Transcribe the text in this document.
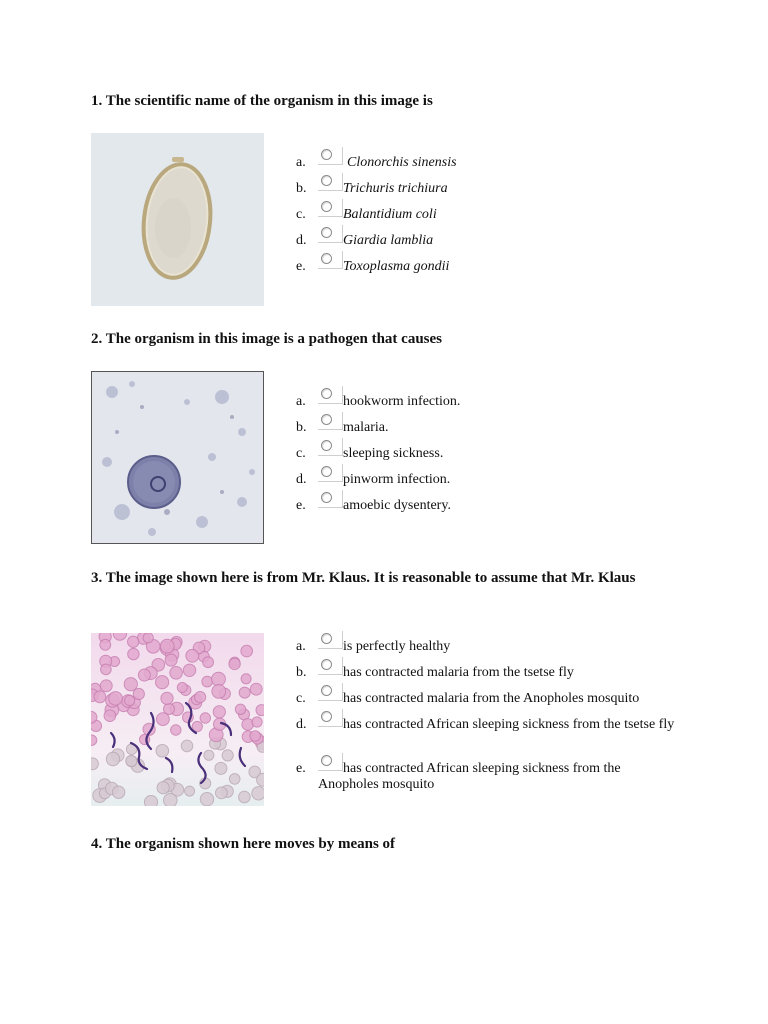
1. The scientific name of the organism in this image is
a.	Clonorchis sinensis
b.	Trichuris trichiura
c.	Balantidium coli
d.	Giardia lamblia
e.	Toxoplasma gondii
2. The organism in this image is a pathogen that causes
a.	hookworm infection.
b.	malaria.
c.	sleeping sickness.
d.	pinworm infection.
e.	amoebic dysentery.
3. The image shown here is from Mr. Klaus. It is reasonable to assume that Mr. Klaus
a.	is perfectly healthy
b.	has contracted malaria from the tsetse fly
c.	has contracted malaria from the Anopholes mosquito
d.	has contracted African sleeping sickness from the tsetse fly
e.	has contracted African sleeping sickness from the Anopholes mosquito
4. The organism shown here moves by means of
